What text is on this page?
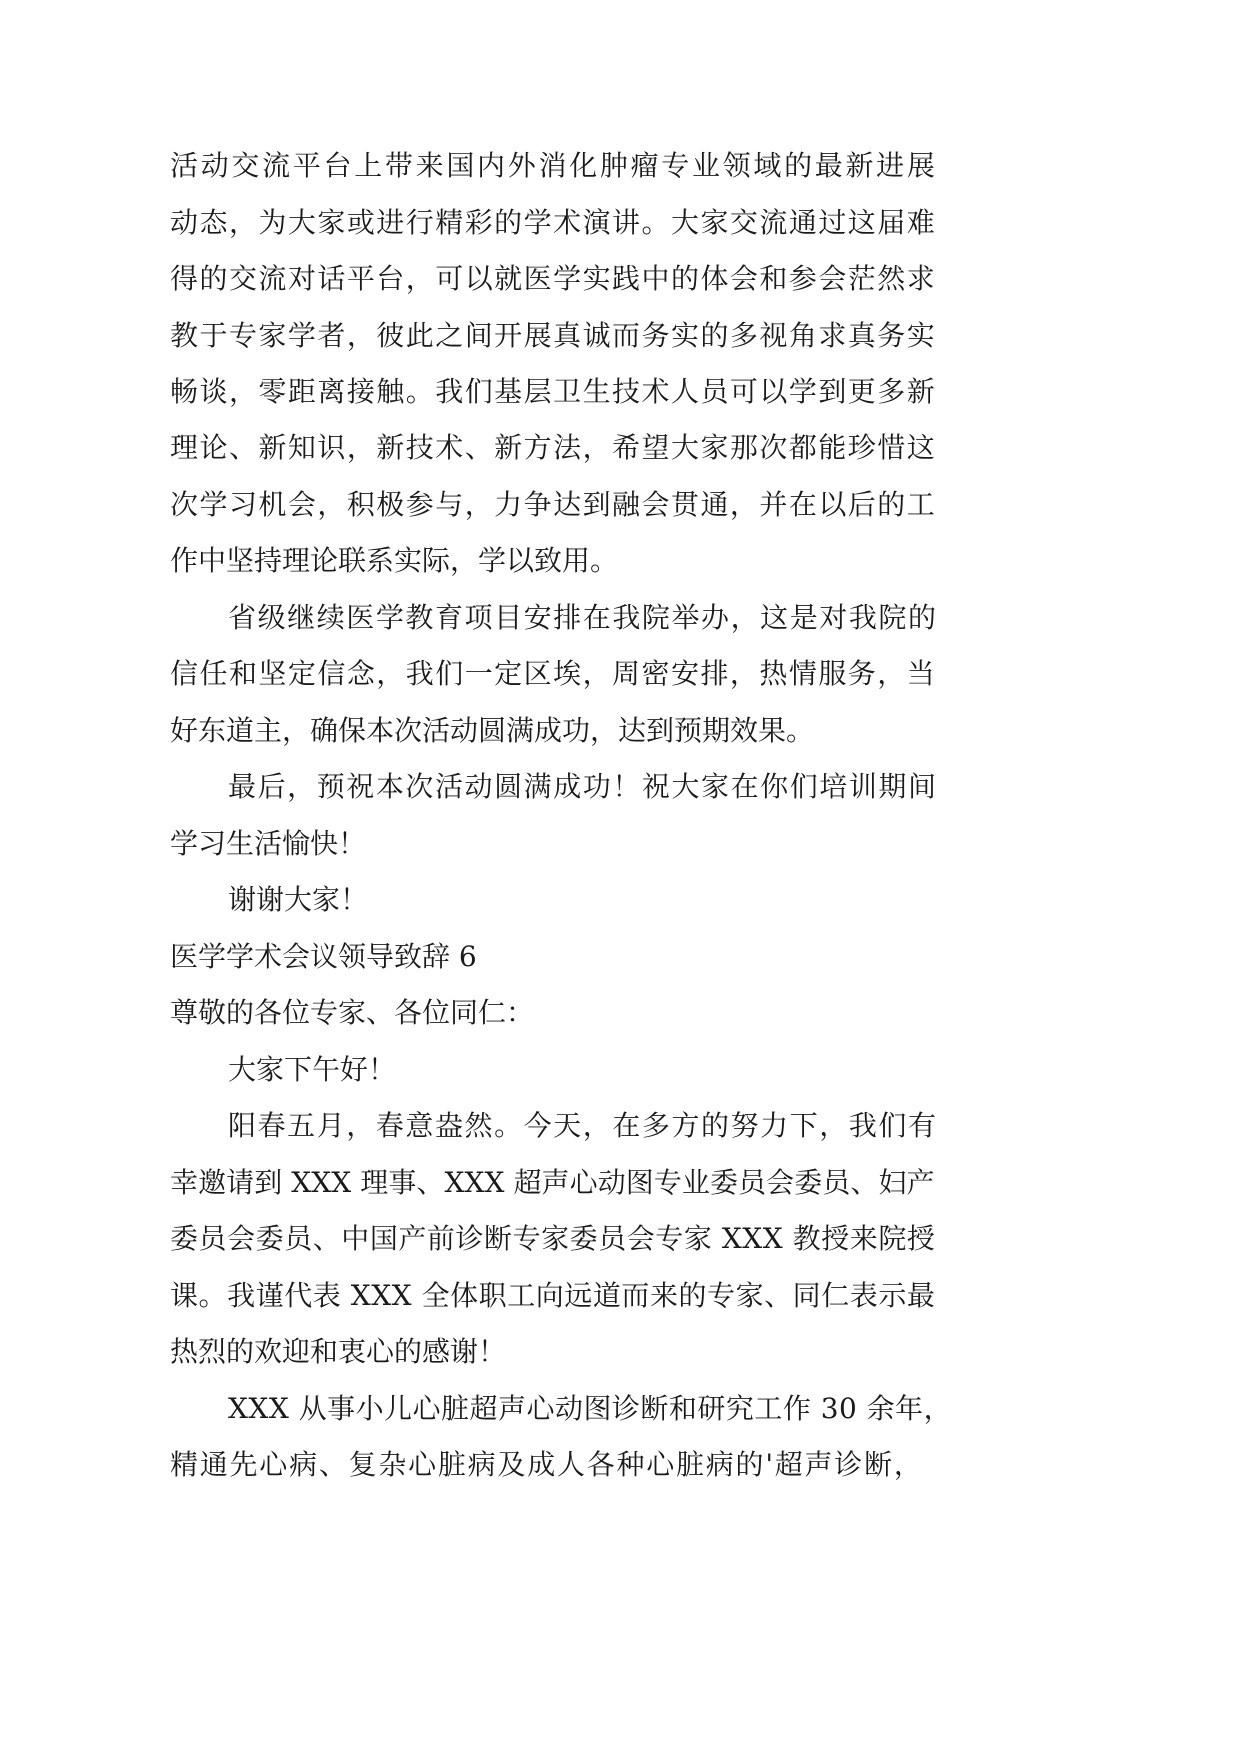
活 动 交 流 平 台 上 带 来 国 内 外 消 化 肿 瘤 专 业 领 域 的 最 新 进 展
动 态 ， 为 大 家 或 进 行 精 彩 的 学 术 演 讲 。 大 家 交 流 通 过 这 届 难
得 的 交 流 对 话 平 台 ， 可 以 就 医 学 实 践 中 的 体 会 和 参 会 茫 然 求
教 于 专 家 学 者 ， 彼 此 之 间 开 展 真 诚 而 务 实 的 多 视 角 求 真 务 实
畅 谈 ， 零 距 离 接 触 。 我 们 基 层 卫 生 技 术 人 员 可 以 学 到 更 多 新
理 论 、 新 知 识 ， 新 技 术 、 新 方 法 ， 希 望 大 家 那 次 都 能 珍 惜 这
次 学 习 机 会 ， 积 极 参 与 ， 力 争 达 到 融 会 贯 通 ， 并 在 以 后 的 工
作中坚持理论联系实际，学以致用。
省 级 继 续 医 学 教 育 项 目 安 排 在 我 院 举 办 ， 这 是 对 我 院 的
信 任 和 坚 定 信 念 ， 我 们 一 定 区 埃 ， 周 密 安 排 ， 热 情 服 务 ， 当
好东道主，确保本次活动圆满成功，达到预期效果。
最 后 ， 预 祝 本 次 活 动 圆 满 成 功 ！ 祝 大 家 在 你 们 培 训 期 间
学习生活愉快！
谢谢大家！
医学学术会议领导致辞 6
尊敬的各位专家、各位同仁：
大家下午好！
阳 春 五 月 ， 春 意 盎 然 。 今 天 ， 在 多 方 的 努 力 下 ， 我 们 有
幸 邀 请 到
X X X
理 事 、 X X X
超 声 心 动 图 专 业 委 员 会 委 员 、 妇 产
委 员 会 委 员 、 中 国 产 前 诊 断 专 家 委 员 会 专 家
X X X
教 授 来 院 授
课 。 我 谨 代 表
X X X
全 体 职 工 向 远 道 而 来 的 专 家 、 同 仁 表 示 最
热烈的欢迎和衷心的感谢！
X X X
从 事 小 儿 心 脏 超 声 心 动 图 诊 断 和 研 究 工 作
3 0
余 年 ，
精 通 先 心 病 、 复 杂 心 脏 病 及 成 人 各 种 心 脏 病 的 ' 超 声 诊 断 ，
